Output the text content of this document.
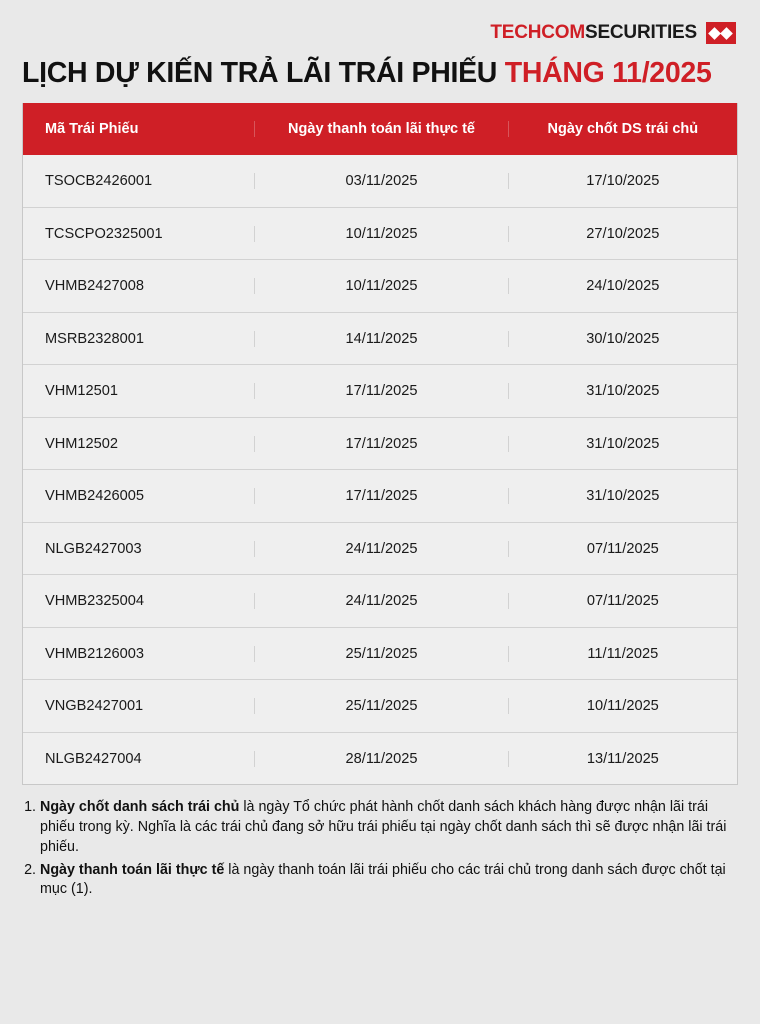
TECHCOMSECURITIES
LỊCH DỰ KIẾN TRẢ LÃI TRÁI PHIẾU THÁNG 11/2025
Mã Trái Phiếu	Ngày thanh toán lãi thực tế	Ngày chốt DS trái chủ
TSOCB2426001	03/11/2025	17/10/2025
TCSCPO2325001	10/11/2025	27/10/2025
VHMB2427008	10/11/2025	24/10/2025
MSRB2328001	14/11/2025	30/10/2025
VHM12501	17/11/2025	31/10/2025
VHM12502	17/11/2025	31/10/2025
VHMB2426005	17/11/2025	31/10/2025
NLGB2427003	24/11/2025	07/11/2025
VHMB2325004	24/11/2025	07/11/2025
VHMB2126003	25/11/2025	11/11/2025
VNGB2427001	25/11/2025	10/11/2025
NLGB2427004	28/11/2025	13/11/2025
1. Ngày chốt danh sách trái chủ là ngày Tổ chức phát hành chốt danh sách khách hàng được nhận lãi trái phiếu trong kỳ. Nghĩa là các trái chủ đang sở hữu trái phiếu tại ngày chốt danh sách thì sẽ được nhận lãi trái phiếu.
2. Ngày thanh toán lãi thực tế là ngày thanh toán lãi trái phiếu cho các trái chủ trong danh sách được chốt tại mục (1).
